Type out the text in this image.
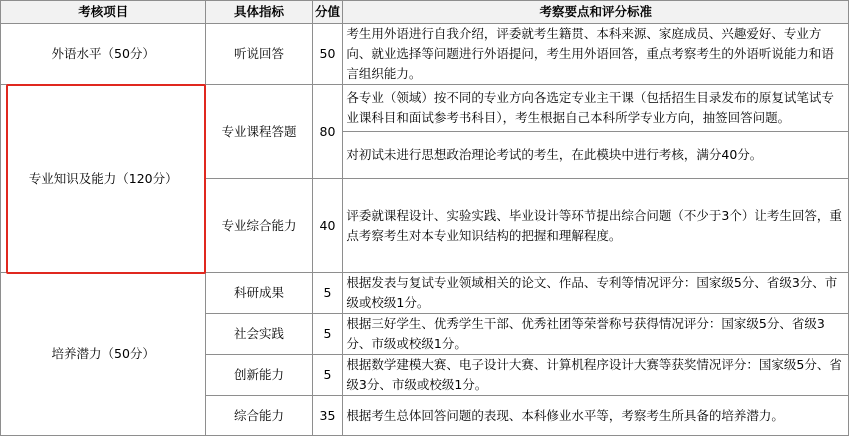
考核项目	具体指标	分值	考察要点和评分标准
外语水平（50分）	听说回答	50	考生用外语进行自我介绍，评委就考生籍贯、本科来源、家庭成员、兴趣爱好、专业方向、就业选择等问题进行外语提问，考生用外语回答，重点考察考生的外语听说能力和语言组织能力。

专业知识及能力（120分）	专业课程答题	80	各专业（领域）按不同的专业方向各选定专业主干课（包括招生目录发布的原复试笔试专业课科目和面试参考书科目），考生根据自己本科所学专业方向，抽签回答问题。

			对初试未进行思想政治理论考试的考生，在此模块中进行考核，满分40分。

	专业综合能力	40	评委就课程设计、实验实践、毕业设计等环节提出综合问题（不少于3个）让考生回答，重点考察考生对本专业知识结构的把握和理解程度。

培养潜力（50分）	科研成果	5	根据发表与复试专业领域相关的论文、作品、专利等情况评分：国家级5分、省级3分、市级或校级1分。

	社会实践	5	根据三好学生、优秀学生干部、优秀社团等荣誉称号获得情况评分：国家级5分、省级3分、市级或校级1分。

	创新能力	5	根据数学建模大赛、电子设计大赛、计算机程序设计大赛等获奖情况评分：国家级5分、省级3分、市级或校级1分。

	综合能力	35	根据考生总体回答问题的表现、本科修业水平等，考察考生所具备的培养潜力。
